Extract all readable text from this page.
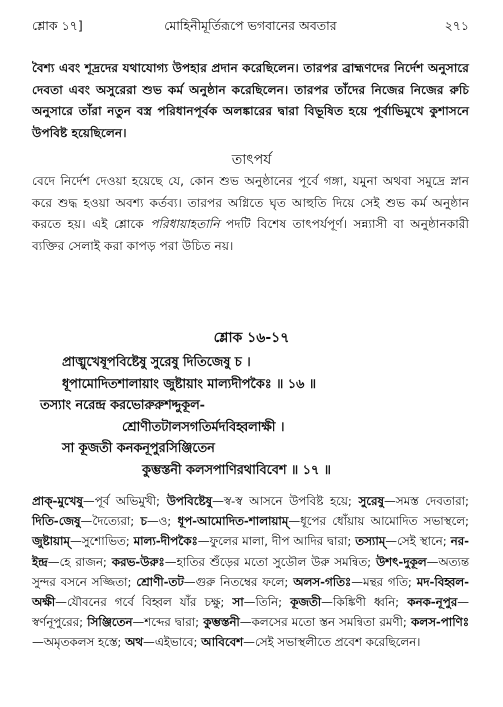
শ্লোক ১৭]	মোহিনীমূর্তিরূপে ভগবানের অবতার	২৭১
বৈশ্য এবং শূদ্রদের যথাযোগ্য উপহার প্রদান করেছিলেন। তারপর ব্রাহ্মণদের নির্দেশ অনুসারে দেবতা এবং অসুরেরা শুভ কর্ম অনুষ্ঠান করেছিলেন। তারপর তাঁদের নিজের নিজের রুচি অনুসারে তাঁরা নতুন বস্ত্র পরিধানপূর্বক অলঙ্কারের দ্বারা বিভূষিত হয়ে পূর্বাভিমুখে কুশাসনে উপবিষ্ট হয়েছিলেন।
তাৎপর্য
বেদে নির্দেশ দেওয়া হয়েছে যে, কোন শুভ অনুষ্ঠানের পূর্বে গঙ্গা, যমুনা অথবা সমুদ্রে স্নান করে শুদ্ধ হওয়া অবশ্য কর্তব্য। তারপর অগ্নিতে ঘৃত আহুতি দিয়ে সেই শুভ কর্ম অনুষ্ঠান করতে হয়। এই শ্লোকে পরিধায়াহতানি পদটি বিশেষ তাৎপর্যপূর্ণ। সন্ন্যাসী বা অনুষ্ঠানকারী ব্যক্তির সেলাই করা কাপড় পরা উচিত নয়।
শ্লোক ১৬-১৭
প্রাঙ্মুখেষূপবিষ্টেষু সুরেষু দিতিজেষু চ ।
ধূপামোদিতশালায়াং জুষ্টায়াং মাল্যদীপকৈঃ ॥ ১৬ ॥
তস্যাং নরেন্দ্র করভোরুরুশদ্দুকূল-
শ্রোণীতটালসগতির্মদবিহ্বলাক্ষী ।
সা কূজতী কনকনূপুরসিঞ্জিতেন
কুম্ভস্তনী কলসপাণিরথাবিবেশ ॥ ১৭ ॥
প্রাক্-মুখেষু—পূর্ব অভিমুখী; উপবিষ্টেষু—স্ব-স্ব আসনে উপবিষ্ট হয়ে; সুরেষু—সমস্ত দেবতারা; দিতি-জেষু—দৈত্যেরা; চ—ও; ধূপ-আমোদিত-শালায়াম্—ধূপের ধোঁয়ায় আমোদিত সভাস্থলে; জুষ্টায়াম্—সুশোভিত; মাল্য-দীপকৈঃ—ফুলের মালা, দীপ আদির দ্বারা; তস্যাম্—সেই স্থানে; নর-ইন্দ্র—হে রাজন; করভ-উরুঃ—হাতির শুঁড়ের মতো সুডৌল উরু সমন্বিত; উশৎ-দুকূল—অত্যন্ত সুন্দর বসনে সজ্জিতা; শ্রোণী-তট—গুরু নিতম্বের ফলে; অলস-গতিঃ—মন্থর গতি; মদ-বিহ্বল-অক্ষী—যৌবনের গর্বে বিহ্বল যাঁর চক্ষু; সা—তিনি; কূজতী—কিঙ্কিণী ধ্বনি; কনক-নূপুর—স্বর্ণনূপুরের; সিঞ্জিতেন—শব্দের দ্বারা; কুম্ভস্তনী—কলসের মতো স্তন সমন্বিতা রমণী; কলস-পাণিঃ—অমৃতকলস হস্তে; অথ—এইভাবে; আবিবেশ—সেই সভাস্থলীতে প্রবেশ করেছিলেন।
